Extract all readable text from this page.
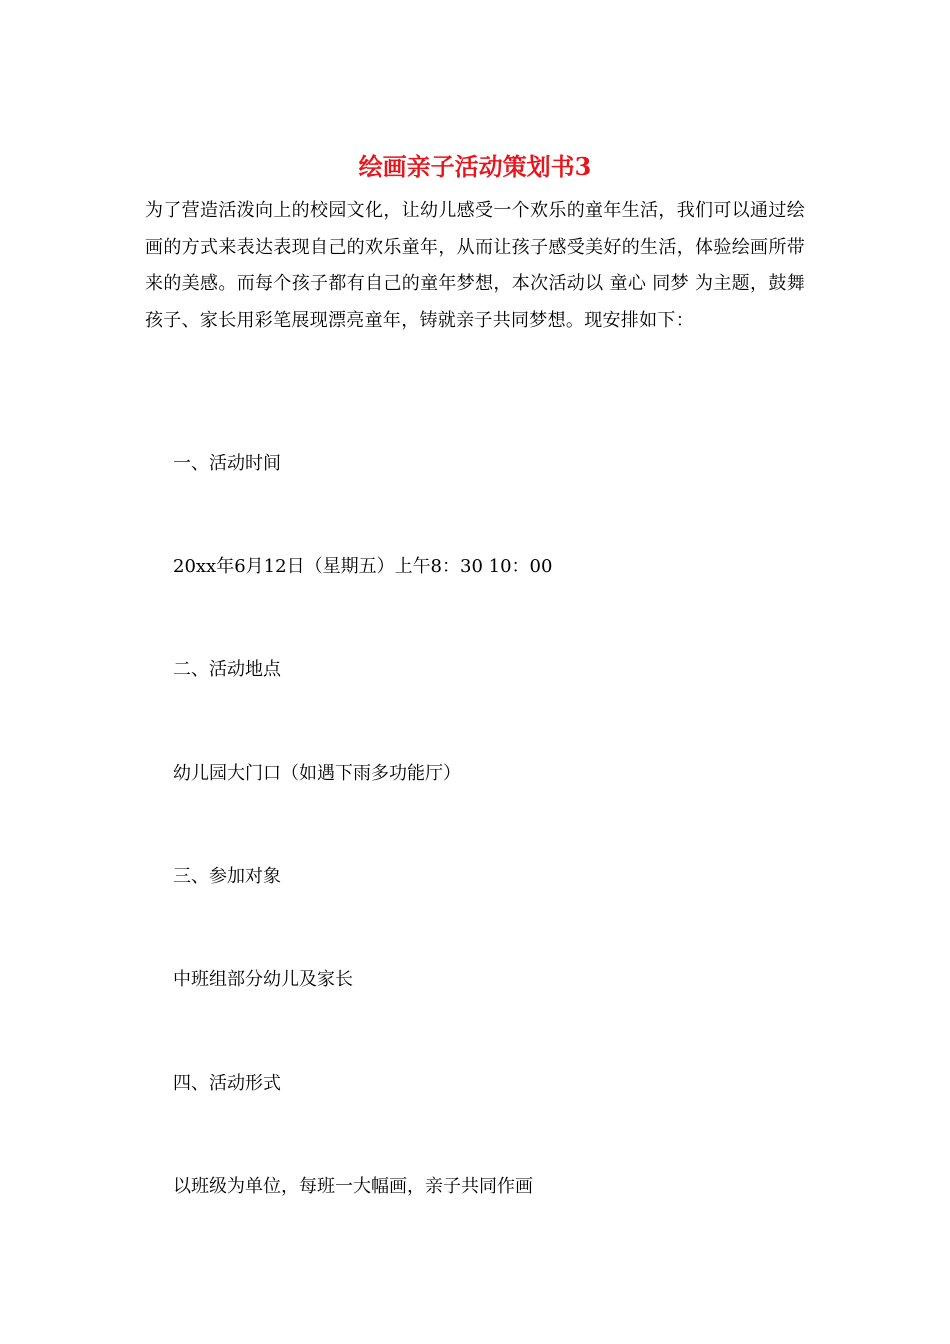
绘画亲子活动策划书3

为了营造活泼向上的校园文化，让幼儿感受一个欢乐的童年生活，我们可以通过绘画的方式来表达表现自己的欢乐童年，从而让孩子感受美好的生活，体验绘画所带来的美感。而每个孩子都有自己的童年梦想，本次活动以 童心 同梦 为主题，鼓舞孩子、家长用彩笔展现漂亮童年，铸就亲子共同梦想。现安排如下：

一、活动时间

20xx年6月12日（星期五）上午8：30 10：00

二、活动地点

幼儿园大门口（如遇下雨多功能厅）

三、参加对象

中班组部分幼儿及家长

四、活动形式

以班级为单位，每班一大幅画，亲子共同作画
